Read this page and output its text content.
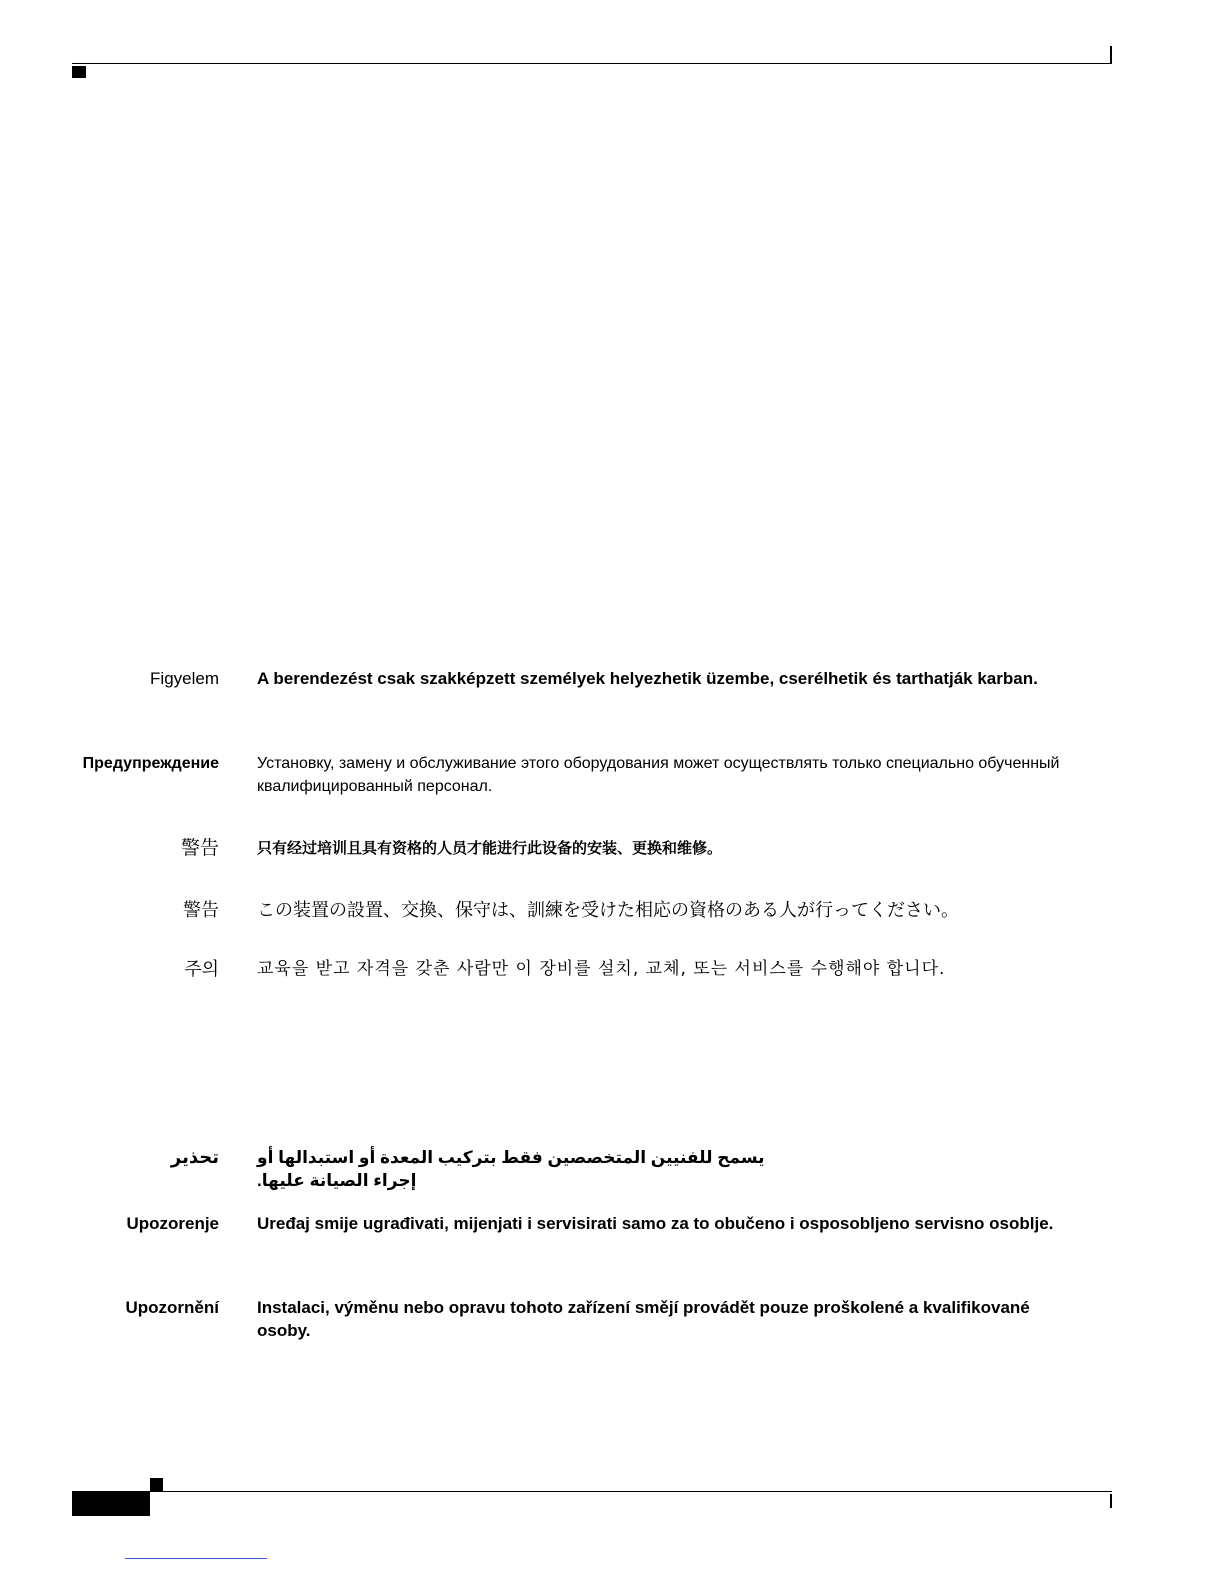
Figyelem A berendezést csak szakképzett személyek helyezhetik üzembe, cserélhetik és tarthatják karban.
Предупреждение Установку, замену и обслуживание этого оборудования может осуществлять только специально обученный квалифицированный персонал.
警告	只有经过培训且具有资格的人员才能进行此设备的安装、更换和维修。
警告 この装置の設置、交換、保守は、訓練を受けた相応の資格のある人が行ってください。
주의 교육을 받고 자격을 갖춘 사람만 이 장비를 설치, 교체, 또는 서비스를 수행해야 합니다.
تحذير يسمح للفنيين المتخصصين فقط بتركيب المعدة أو استبدالها أو إجراء الصيانة عليها.
Upozorenje Uređaj smije ugrađivati, mijenjati i servisirati samo za to obučeno i osposobljeno servisno osoblje.
Upozornění Instalaci, výměnu nebo opravu tohoto zařízení smějí provádět pouze proškolené a kvalifikované osoby.
